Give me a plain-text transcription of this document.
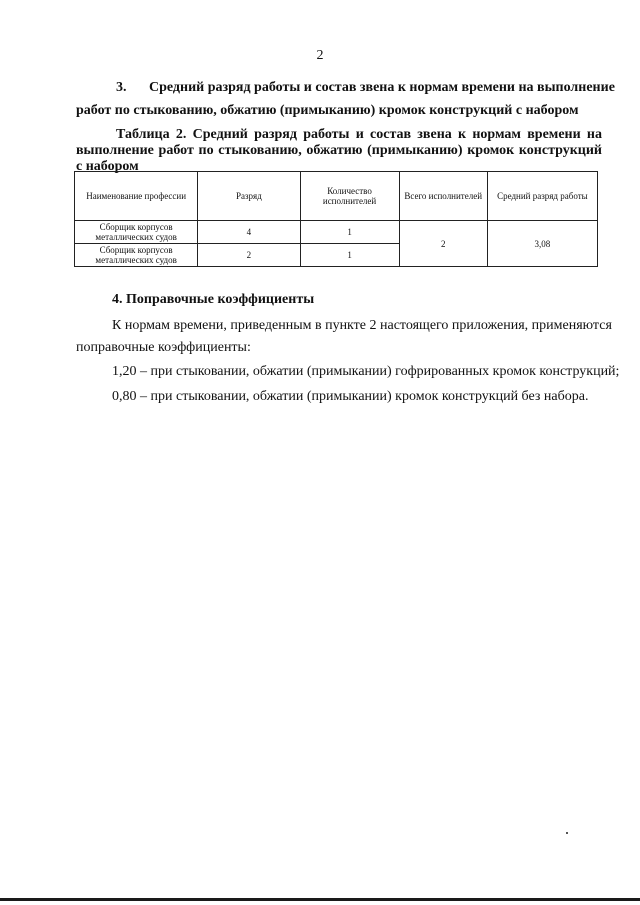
2
3. Средний разряд работы и состав звена к нормам времени на выполнение
работ по стыкованию, обжатию (примыканию) кромок конструкций с набором
Таблица 2. Средний разряд работы и состав звена к нормам времени на выполнение работ по стыкованию, обжатию (примыканию) кромок конструкций с набором
Наименование профессии	Разряд	Количество исполнителей	Всего исполнителей	Средний разряд работы
Сборщик корпусов металлических судов	4	1	2	3,08
Сборщик корпусов металлических судов	2	1		
4. Поправочные коэффициенты
К нормам времени, приведенным в пункте 2 настоящего приложения, применяются
поправочные коэффициенты:
1,20 – при стыковании, обжатии (примыкании) гофрированных кромок конструкций;
0,80 – при стыковании, обжатии (примыкании) кромок конструкций без набора.
